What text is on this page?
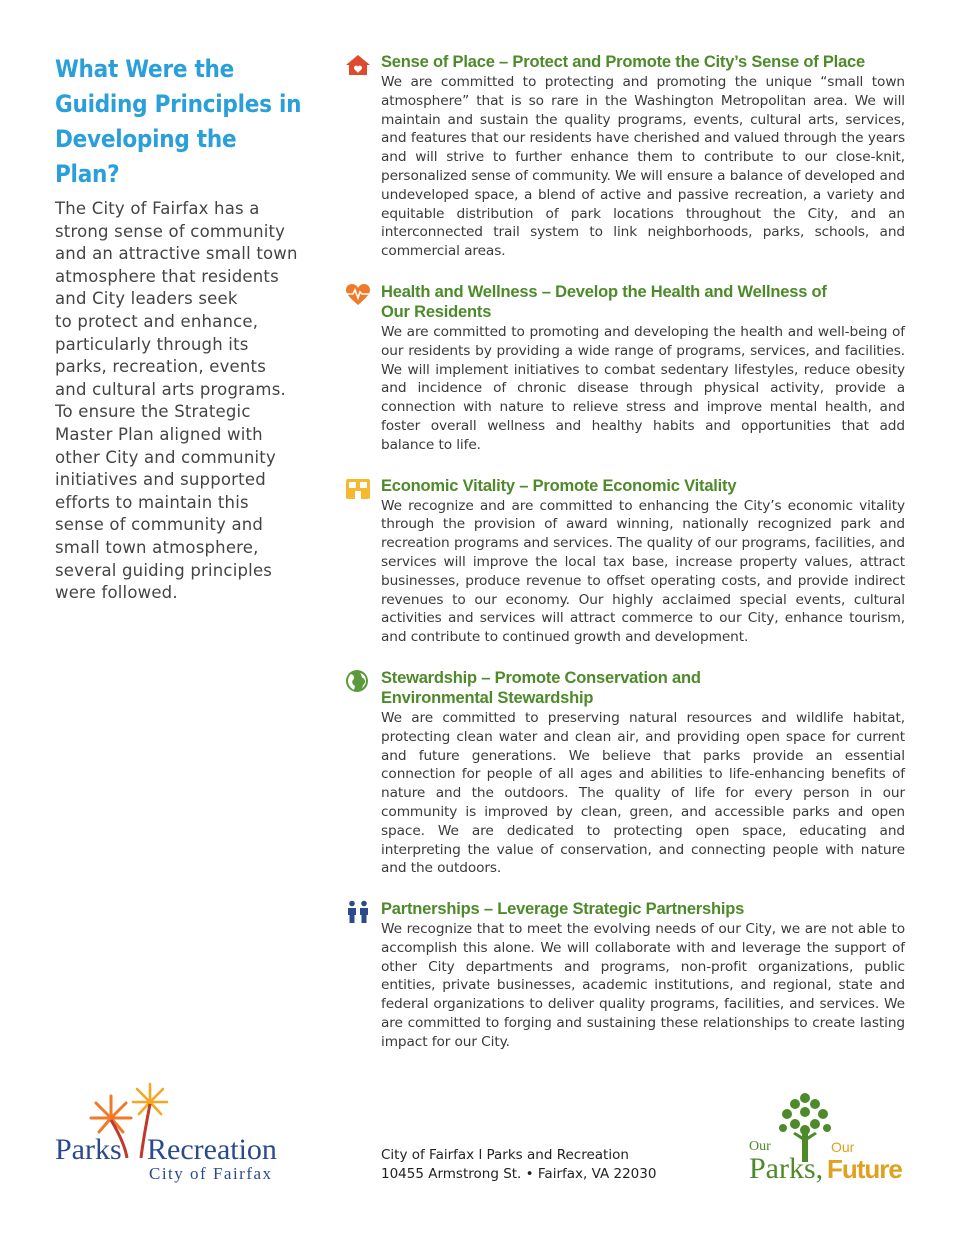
What Were the
Guiding Principles in
Developing the Plan?

The City of Fairfax has a
strong sense of community
and an attractive small town
atmosphere that residents
and City leaders seek
to protect and enhance,
particularly through its
parks, recreation, events
and cultural arts programs.
To ensure the Strategic
Master Plan aligned with
other City and community
initiatives and supported
efforts to maintain this
sense of community and
small town atmosphere,
several guiding principles
were followed.

Sense of Place – Protect and Promote the City’s Sense of Place

We are committed to protecting and promoting the unique “small town atmosphere” that is so rare in the Washington Metropolitan area. We will maintain and sustain the quality programs, events, cultural arts, services, and features that our residents have cherished and valued through the years and will strive to further enhance them to contribute to our close-knit, personalized sense of community. We will ensure a balance of developed and undeveloped space, a blend of active and passive recreation, a variety and equitable distribution of park locations throughout the City, and an interconnected trail system to link neighborhoods, parks, schools, and commercial areas.

Health and Wellness – Develop the Health and Wellness of Our Residents

We are committed to promoting and developing the health and well-being of our residents by providing a wide range of programs, services, and facilities. We will implement initiatives to combat sedentary lifestyles, reduce obesity and incidence of chronic disease through physical activity, provide a connection with nature to relieve stress and improve mental health, and foster overall wellness and healthy habits and opportunities that add balance to life.

Economic Vitality – Promote Economic Vitality

We recognize and are committed to enhancing the City’s economic vitality through the provision of award winning, nationally recognized park and recreation programs and services. The quality of our programs, facilities, and services will improve the local tax base, increase property values, attract businesses, produce revenue to offset operating costs, and provide indirect revenues to our economy. Our highly acclaimed special events, cultural activities and services will attract commerce to our City, enhance tourism, and contribute to continued growth and development.

Stewardship – Promote Conservation and Environmental Stewardship

We are committed to preserving natural resources and wildlife habitat, protecting clean water and clean air, and providing open space for current and future generations. We believe that parks provide an essential connection for people of all ages and abilities to life-enhancing benefits of nature and the outdoors. The quality of life for every person in our community is improved by clean, green, and accessible parks and open space. We are dedicated to protecting open space, educating and interpreting the value of conservation, and connecting people with nature and the outdoors.

Partnerships – Leverage Strategic Partnerships

We recognize that to meet the evolving needs of our City, we are not able to accomplish this alone. We will collaborate with and leverage the support of other City departments and programs, non-profit organizations, public entities, private businesses, academic institutions, and regional, state and federal organizations to deliver quality programs, facilities, and services. We are committed to forging and sustaining these relationships to create lasting impact for our City.

Parks Recreation
City of Fairfax
City of Fairfax l Parks and Recreation
10455 Armstrong St. • Fairfax, VA 22030
Our
Parks,
Our
Future
